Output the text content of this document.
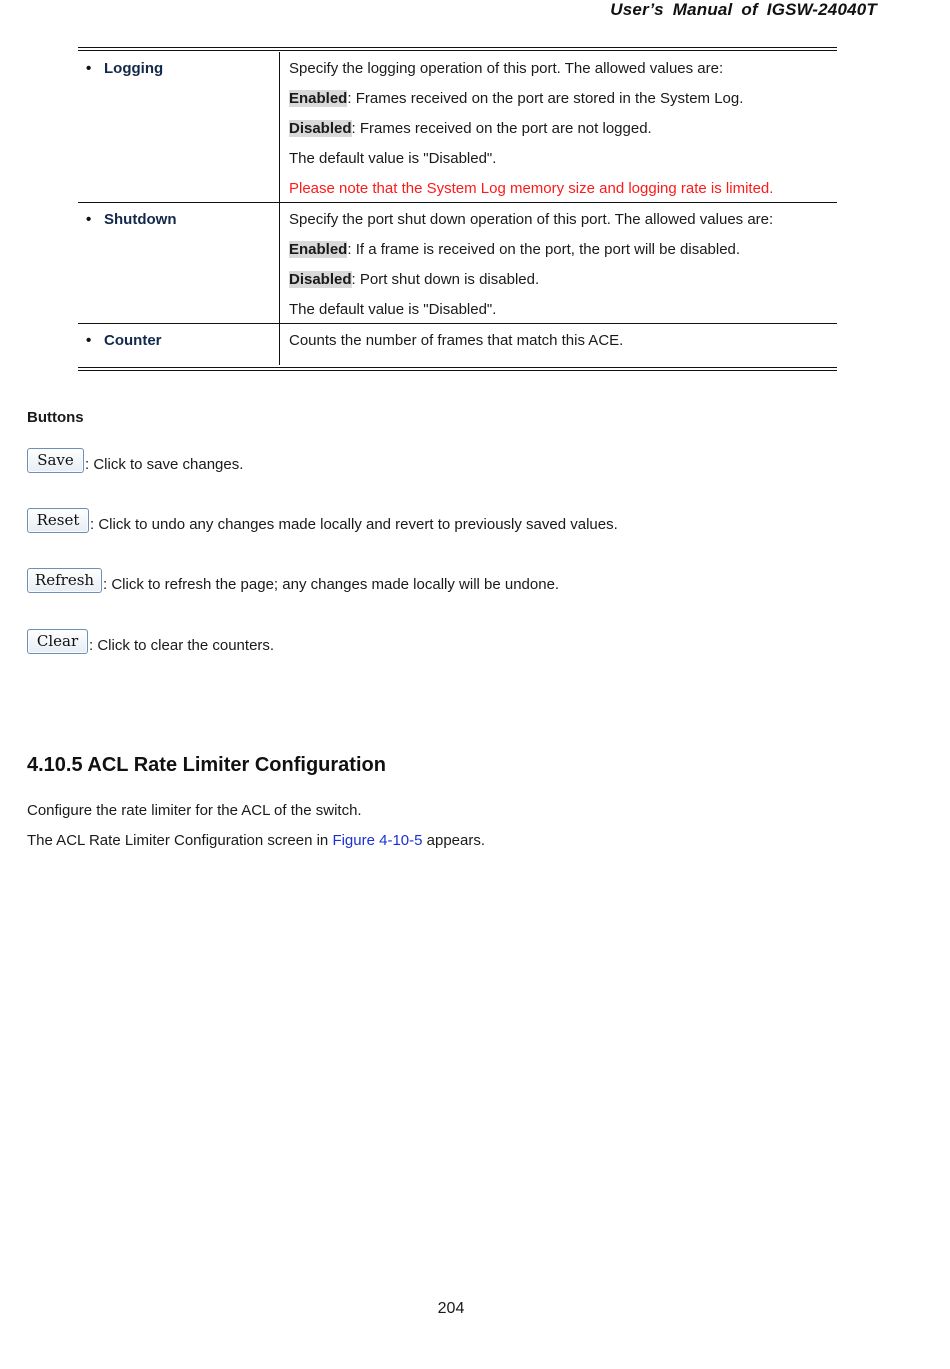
User’s Manual of IGSW-24040T
• Logging	Specify the logging operation of this port. The allowed values are:
Enabled: Frames received on the port are stored in the System Log.
Disabled: Frames received on the port are not logged.
The default value is "Disabled".
Please note that the System Log memory size and logging rate is limited.

• Shutdown	Specify the port shut down operation of this port. The allowed values are:
Enabled: If a frame is received on the port, the port will be disabled.
Disabled: Port shut down is disabled.
The default value is "Disabled".

• Counter	Counts the number of frames that match this ACE.
Buttons
Save : Click to save changes.
Reset : Click to undo any changes made locally and revert to previously saved values.
Refresh : Click to refresh the page; any changes made locally will be undone.
Clear : Click to clear the counters.
4.10.5 ACL Rate Limiter Configuration
Configure the rate limiter for the ACL of the switch.
The ACL Rate Limiter Configuration screen in Figure 4-10-5 appears.
204
